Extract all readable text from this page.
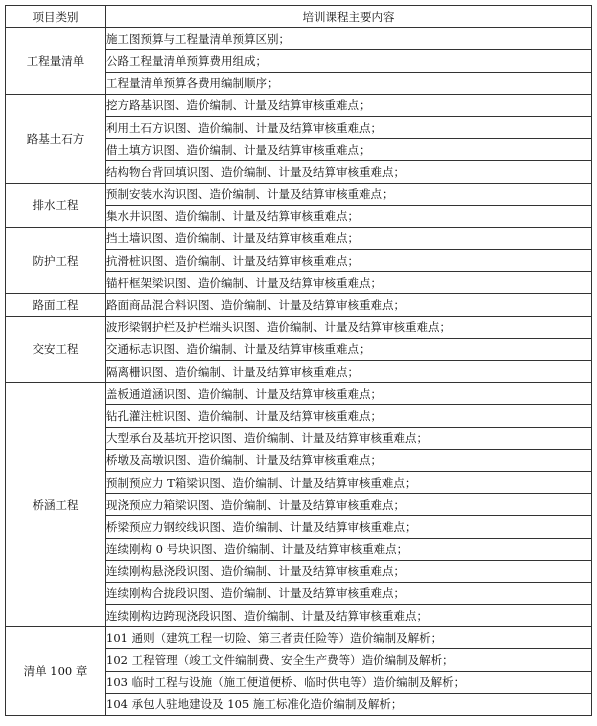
项目类别	培训课程主要内容
工程量清单	施工图预算与工程量清单预算区别；
	公路工程量清单预算费用组成；
	工程量清单预算各费用编制顺序；
路基土石方	挖方路基识图、造价编制、计量及结算审核重难点；
	利用土石方识图、造价编制、计量及结算审核重难点；
	借土填方识图、造价编制、计量及结算审核重难点；
	结构物台背回填识图、造价编制、计量及结算审核重难点；
排水工程	预制安装水沟识图、造价编制、计量及结算审核重难点；
	集水井识图、造价编制、计量及结算审核重难点；
防护工程	挡土墙识图、造价编制、计量及结算审核重难点；
	抗滑桩识图、造价编制、计量及结算审核重难点；
	锚杆框架梁识图、造价编制、计量及结算审核重难点；
路面工程	路面商品混合料识图、造价编制、计量及结算审核重难点；
交安工程	波形梁钢护栏及护栏端头识图、造价编制、计量及结算审核重难点；
	交通标志识图、造价编制、计量及结算审核重难点；
	隔离栅识图、造价编制、计量及结算审核重难点；
桥涵工程	盖板通道涵识图、造价编制、计量及结算审核重难点；
	钻孔灌注桩识图、造价编制、计量及结算审核重难点；
	大型承台及基坑开挖识图、造价编制、计量及结算审核重难点；
	桥墩及高墩识图、造价编制、计量及结算审核重难点；
	预制预应力 T箱梁识图、造价编制、计量及结算审核重难点；
	现浇预应力箱梁识图、造价编制、计量及结算审核重难点；
	桥梁预应力钢绞线识图、造价编制、计量及结算审核重难点；
	连续刚构 0 号块识图、造价编制、计量及结算审核重难点；
	连续刚构悬浇段识图、造价编制、计量及结算审核重难点；
	连续刚构合拢段识图、造价编制、计量及结算审核重难点；
	连续刚构边跨现浇段识图、造价编制、计量及结算审核重难点；
清单 100 章	101 通则（建筑工程一切险、第三者责任险等）造价编制及解析；
	102 工程管理（竣工文件编制费、安全生产费等）造价编制及解析；
	103 临时工程与设施（施工便道便桥、临时供电等）造价编制及解析；
	104 承包人驻地建设及 105 施工标准化造价编制及解析；
